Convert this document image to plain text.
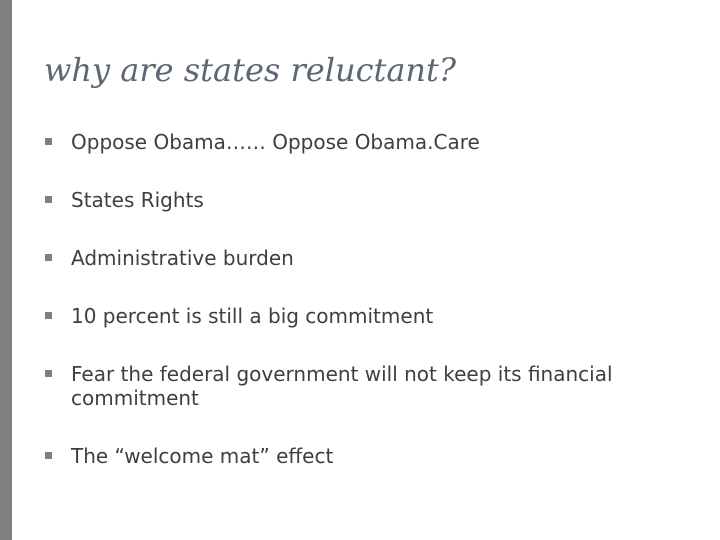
why are states reluctant?
Oppose Obama…… Oppose Obama.Care
States Rights
Administrative burden
10 percent is still a big commitment
Fear the federal government will not keep its financial commitment
The “welcome mat” effect
